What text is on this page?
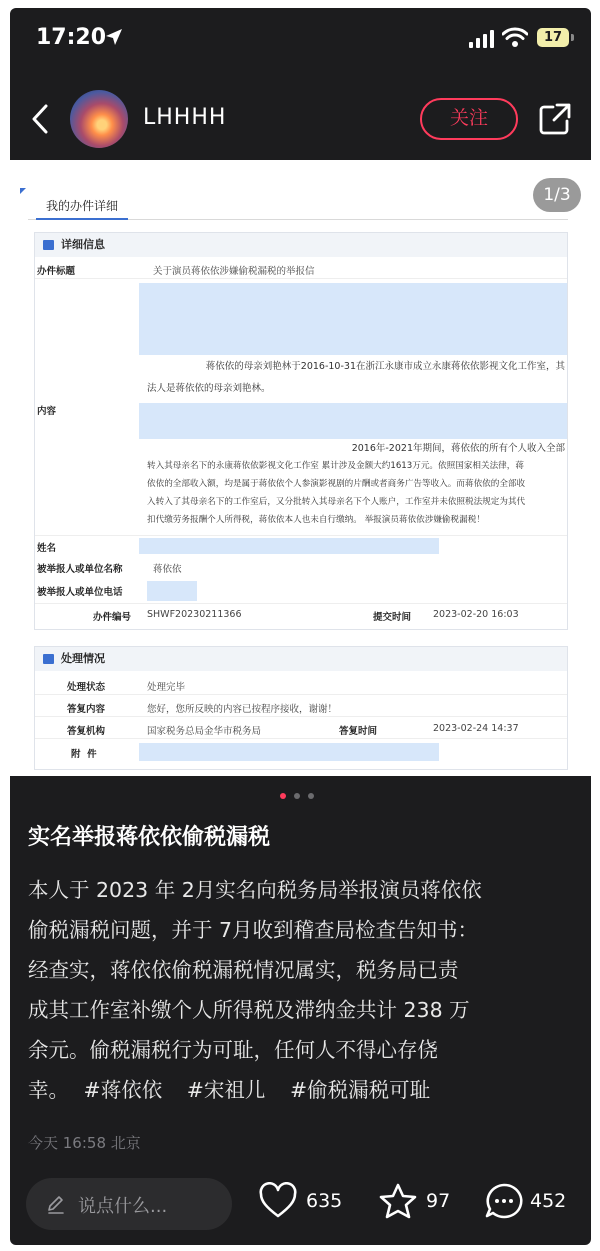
17:20	17
LHHHH	关注
我的办件详细
详细信息
办件标题	关于演员蒋依依涉嫌偷税漏税的举报信
蒋依依的母亲刘艳林于2016-10-31在浙江永康市成立永康蒋依依影视文化工作室，其
法人是蒋依依的母亲刘艳林。
内容
2016年-2021年期间，蒋依依的所有个人收入全部
转入其母亲名下的永康蒋依依影视文化工作室 累计涉及金额大约1613万元。依照国家相关法律，蒋
依依的全部收入额，均是属于蒋依依个人参演影视剧的片酬或者商务广告等收入。而蒋依依的全部收
入转入了其母亲名下的工作室后，又分批转入其母亲名下个人账户，工作室并未依照税法规定为其代
扣代缴劳务报酬个人所得税，蒋依依本人也未自行缴纳。 举报演员蒋依依涉嫌偷税漏税！
姓名
被举报人或单位名称	蒋依依
被举报人或单位电话
办件编号 SHWF20230211366	提交时间 2023-02-20 16:03
处理情况
处理状态	处理完毕
答复内容	您好，您所反映的内容已按程序接收，谢谢！
答复机构	国家税务总局金华市税务局	答复时间	2023-02-24 14:37
附  件
1/3
实名举报蒋依依偷税漏税
本人于 2023 年 2月实名向税务局举报演员蒋依依
偷税漏税问题，并于 7月收到稽查局检查告知书：
经查实，蒋依依偷税漏税情况属实，税务局已责
成其工作室补缴个人所得税及滞纳金共计 238 万
余元。偷税漏税行为可耻，任何人不得心存侥
幸。 #蒋依依 #宋祖儿 #偷税漏税可耻
今天 16:58 北京
说点什么...	635	97	452
